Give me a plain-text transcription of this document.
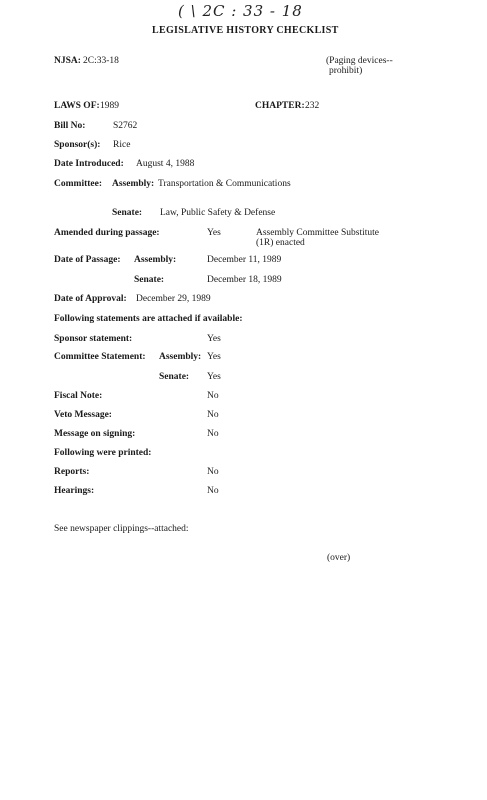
( \ 2C : 33 - 18
LEGISLATIVE HISTORY CHECKLIST
NJSA: 2C:33-18	(Paging devices--
prohibit)
LAWS OF: 1989	CHAPTER: 232
Bill No:	S2762
Sponsor(s): Rice
Date Introduced: August 4, 1988
Committee: Assembly: Transportation & Communications
Senate: Law, Public Safety & Defense
Amended during passage:	Yes	Assembly Committee Substitute
(1R) enacted
Date of Passage: Assembly:	December 11, 1989
Senate:	December 18, 1989
Date of Approval: December 29, 1989
Following statements are attached if available:
Sponsor statement:	Yes
Committee Statement: Assembly: Yes
Senate: Yes
Fiscal Note:	No
Veto Message:	No
Message on signing:	No
Following were printed:
Reports:	No
Hearings:	No
See newspaper clippings--attached:
(over)
